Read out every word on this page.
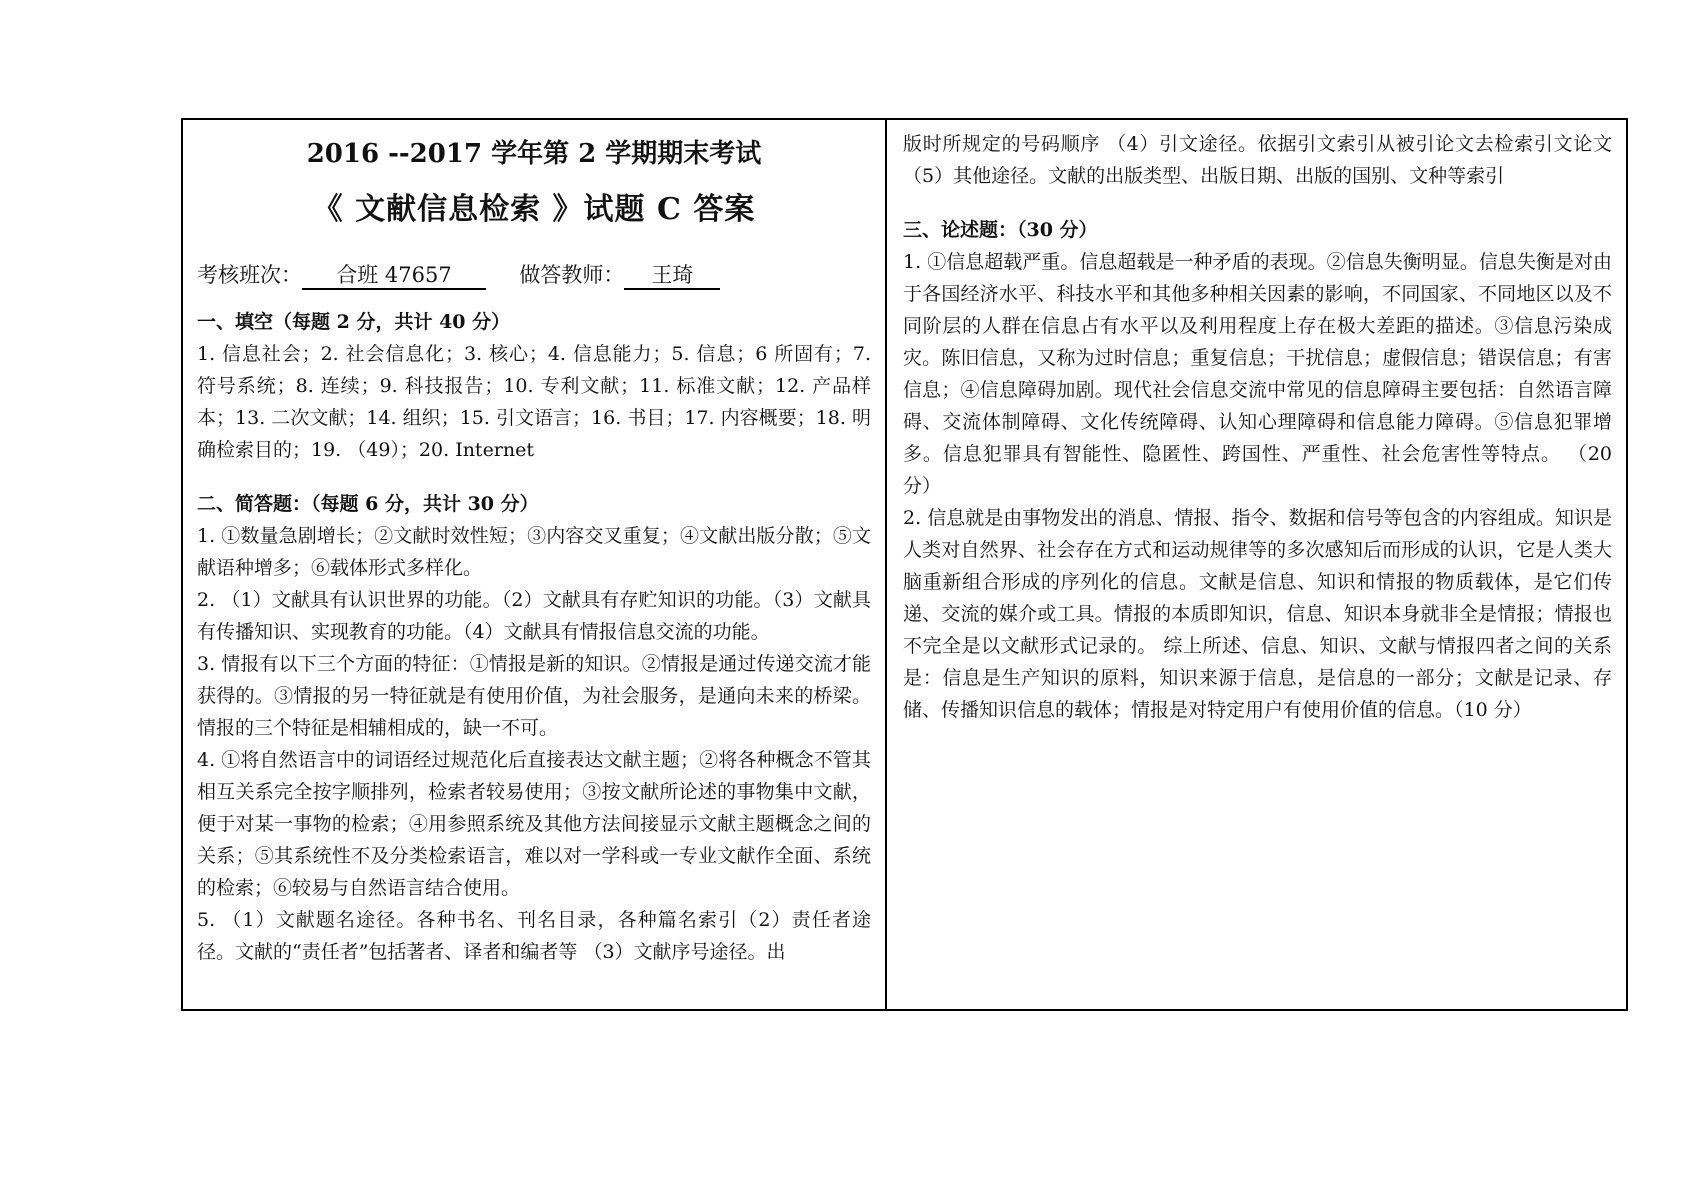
2016 --2017 学年第 2 学期期末考试
《 文献信息检索 》试题 C 答案
考核班次： 合班 47657	做答教师： 王琦
一、填空（每题 2 分，共计 40 分）
1. 信息社会；2. 社会信息化；3. 核心；4. 信息能力；5. 信息；6 所固有；7. 符号系统；8. 连续；9. 科技报告；10. 专利文献；11. 标准文献；12. 产品样本；13. 二次文献；14. 组织；15. 引文语言；16. 书目；17. 内容概要；18. 明确检索目的；19. （49）；20. Internet
二、简答题：（每题 6 分，共计 30 分）
1. ①数量急剧增长；②文献时效性短；③内容交叉重复；④文献出版分散；⑤文献语种增多；⑥载体形式多样化。
2. （1）文献具有认识世界的功能。（2）文献具有存贮知识的功能。（3）文献具有传播知识、实现教育的功能。（4）文献具有情报信息交流的功能。
3. 情报有以下三个方面的特征：①情报是新的知识。②情报是通过传递交流才能获得的。③情报的另一特征就是有使用价值，为社会服务，是通向未来的桥梁。情报的三个特征是相辅相成的，缺一不可。
4. ①将自然语言中的词语经过规范化后直接表达文献主题；②将各种概念不管其相互关系完全按字顺排列，检索者较易使用；③按文献所论述的事物集中文献，便于对某一事物的检索；④用参照系统及其他方法间接显示文献主题概念之间的关系；⑤其系统性不及分类检索语言，难以对一学科或一专业文献作全面、系统的检索；⑥较易与自然语言结合使用。
5. （1）文献题名途径。各种书名、刊名目录，各种篇名索引（2）责任者途径。文献的“责任者”包括著者、译者和编者等 （3）文献序号途径。出
版时所规定的号码顺序 （4）引文途径。依据引文索引从被引论文去检索引文论文 （5）其他途径。文献的出版类型、出版日期、出版的国别、文种等索引
三、论述题：（30 分）
1. ①信息超载严重。信息超载是一种矛盾的表现。②信息失衡明显。信息失衡是对由于各国经济水平、科技水平和其他多种相关因素的影响，不同国家、不同地区以及不同阶层的人群在信息占有水平以及利用程度上存在极大差距的描述。③信息污染成灾。陈旧信息，又称为过时信息；重复信息；干扰信息；虚假信息；错误信息；有害信息；④信息障碍加剧。现代社会信息交流中常见的信息障碍主要包括：自然语言障碍、交流体制障碍、文化传统障碍、认知心理障碍和信息能力障碍。⑤信息犯罪增多。信息犯罪具有智能性、隐匿性、跨国性、严重性、社会危害性等特点。 （20 分）
2. 信息就是由事物发出的消息、情报、指令、数据和信号等包含的内容组成。知识是人类对自然界、社会存在方式和运动规律等的多次感知后而形成的认识，它是人类大脑重新组合形成的序列化的信息。文献是信息、知识和情报的物质载体，是它们传递、交流的媒介或工具。情报的本质即知识，信息、知识本身就非全是情报；情报也不完全是以文献形式记录的。 综上所述、信息、知识、文献与情报四者之间的关系是：信息是生产知识的原料，知识来源于信息，是信息的一部分；文献是记录、存储、传播知识信息的载体；情报是对特定用户有使用价值的信息。（10 分）
